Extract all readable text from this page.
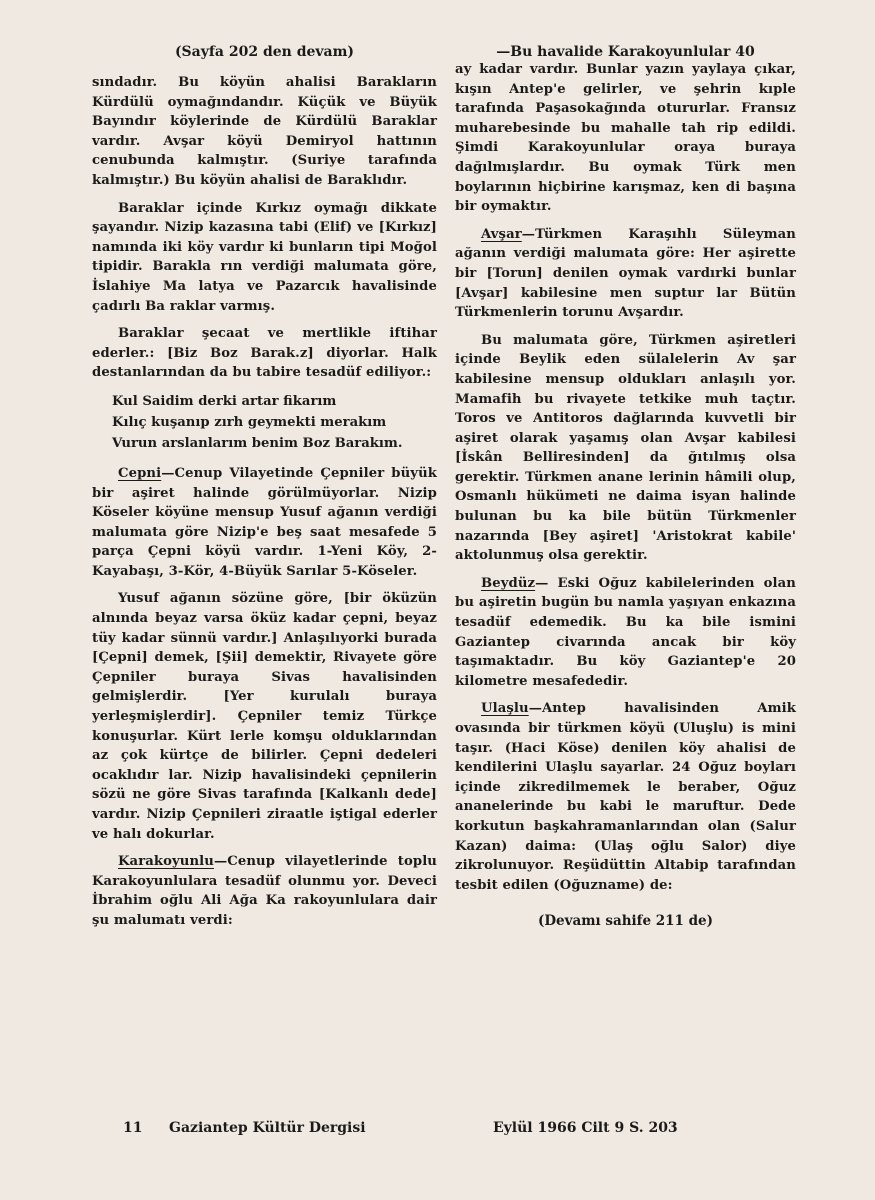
(Sayfa 202 den devam)

sındadır. Bu köyün ahalisi Barakların Kürdülü oymağındandır. Küçük ve Büyük Bayındır köylerinde de Kürdülü Baraklar vardır. Avşar köyü Demiryol hattının cenubunda kalmıştır. (Suriye tarafında kalmıştır.) Bu köyün ahalisi de Baraklıdır.

Baraklar içinde Kırkız oymağı dikkate şayandır. Nizip kazasına tabi (Elif) ve [Kırkız] namında iki köy vardır ki bunların tipi Moğol tipidir. Barakla rın verdiği malumata göre, İslahiye Ma latya ve Pazarcık havalisinde çadırlı Ba raklar varmış.

Baraklar şecaat ve mertlikle iftihar ederler.: [Biz Boz Barak.z] diyorlar. Halk destanlarından da bu tabire tesadüf ediliyor.:

Kul Saidim derki artar fikarım
Kılıç kuşanıp zırh geymekti merakım
Vurun arslanlarım benim Boz Barakım.

Cepni—Cenup Vilayetinde Çepniler büyük bir aşiret halinde görülmüyorlar. Nizip Köseler köyüne mensup Yusuf ağanın verdiği malumata göre Nizip'e beş saat mesafede 5 parça Çepni köyü vardır. 1-Yeni Köy, 2-Kayabaşı, 3-Kör, 4-Büyük Sarılar 5-Köseler.

Yusuf ağanın sözüne göre, [bir öküzün alnında beyaz varsa öküz kadar çepni, beyaz tüy kadar sünnü vardır.] Anlaşılıyorki burada [Çepni] demek, [Şii] demektir, Rivayete göre Çepniler buraya Sivas havalisinden gelmişlerdir. [Yer kurulalı buraya yerleşmişlerdir]. Çepniler temiz Türkçe konuşurlar. Kürt lerle komşu olduklarından az çok kürtçe de bilirler. Çepni dedeleri ocaklıdır lar. Nizip havalisindeki çepnilerin sözü ne göre Sivas tarafında [Kalkanlı dede] vardır. Nizip Çepnileri ziraatle iştigal ederler ve halı dokurlar.

Karakoyunlu—Cenup vilayetlerinde toplu Karakoyunlulara tesadüf olunmu yor. Deveci İbrahim oğlu Ali Ağa Ka rakoyunlulara dair şu malumatı verdi:

—Bu havalide Karakoyunlular 40

ay kadar vardır. Bunlar yazın yaylaya çıkar, kışın Antep'e gelirler, ve şehrin kıple tarafında Paşasokağında otururlar. Fransız muharebesinde bu mahalle tah rip edildi. Şimdi Karakoyunlular oraya buraya dağılmışlardır. Bu oymak Türk men boylarının hiçbirine karışmaz, ken di başına bir oymaktır.

Avşar—Türkmen Karaşıhlı Süleyman ağanın verdiği malumata göre: Her aşirette bir [Torun] denilen oymak vardırki bunlar [Avşar] kabilesine men suptur lar Bütün Türkmenlerin torunu Avşardır.

Bu malumata göre, Türkmen aşiretleri içinde Beylik eden sülalelerin Av şar kabilesine mensup oldukları anlaşılı yor. Mamafih bu rivayete tetkike muh taçtır. Toros ve Antitoros dağlarında kuvvetli bir aşiret olarak yaşamış olan Avşar kabilesi [İskân Belliresinden] da ğıtılmış olsa gerektir. Türkmen anane lerinin hâmili olup, Osmanlı hükümeti ne daima isyan halinde bulunan bu ka bile bütün Türkmenler nazarında [Bey aşiret] 'Aristokrat kabile' aktolunmuş olsa gerektir.

Beydüz— Eski Oğuz kabilelerinden olan bu aşiretin bugün bu namla yaşıyan enkazına tesadüf edemedik. Bu ka bile ismini Gaziantep civarında ancak bir köy taşımaktadır. Bu köy Gaziantep'e 20 kilometre mesafededir.

Ulaşlu—Antep havalisinden Amik ovasında bir türkmen köyü (Uluşlu) is mini taşır. (Haci Köse) denilen köy ahalisi de kendilerini Ulaşlu sayarlar. 24 Oğuz boyları içinde zikredilmemek le beraber, Oğuz ananelerinde bu kabi le maruftur. Dede korkutun başkahramanlarından olan (Salur Kazan) daima: (Ulaş oğlu Salor) diye zikrolunuyor. Reşüdüttin Altabip tarafından tesbit edilen (Oğuzname) de:

(Devamı sahife 211 de)
11 Gaziantep Kültür Dergisi	Eylül 1966 Cilt 9 S. 203
